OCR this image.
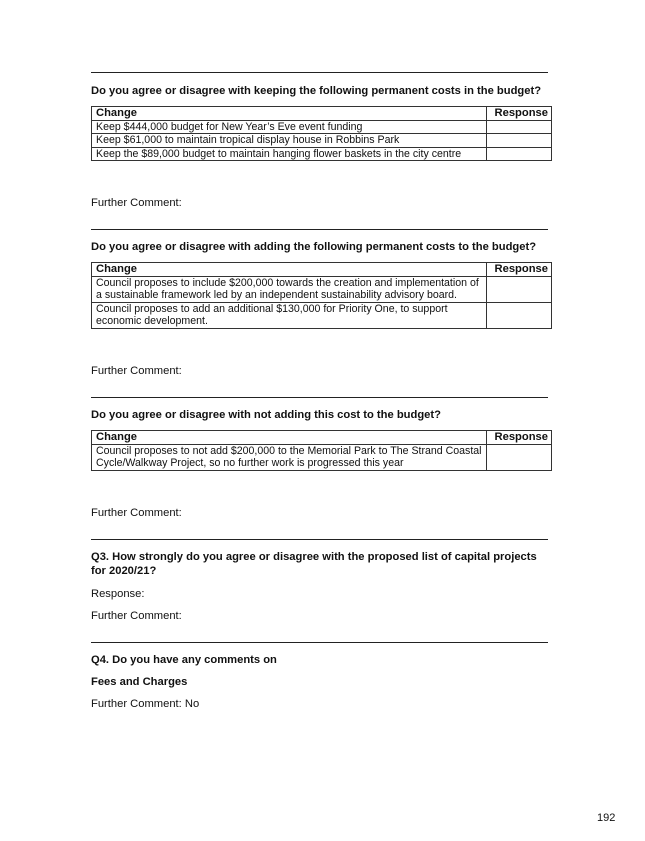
Do you agree or disagree with keeping the following permanent costs in the budget?
Change	Response
Keep $444,000 budget for New Year’s Eve event funding	
Keep $61,000 to maintain tropical display house in Robbins Park	
Keep the $89,000 budget to maintain hanging flower baskets in the city centre	
Further Comment:
Do you agree or disagree with adding the following permanent costs to the budget?
Change	Response
Council proposes to include $200,000 towards the creation and implementation of a sustainable framework led by an independent sustainability advisory board.	
Council proposes to add an additional $130,000 for Priority One, to support economic development.	
Further Comment:
Do you agree or disagree with not adding this cost to the budget?
Change	Response
Council proposes to not add $200,000 to the Memorial Park to The Strand Coastal Cycle/Walkway Project, so no further work is progressed this year	
Further Comment:
Q3. How strongly do you agree or disagree with the proposed list of capital projects for 2020/21?
Response:
Further Comment:
Q4. Do you have any comments on
Fees and Charges
Further Comment: No
192
